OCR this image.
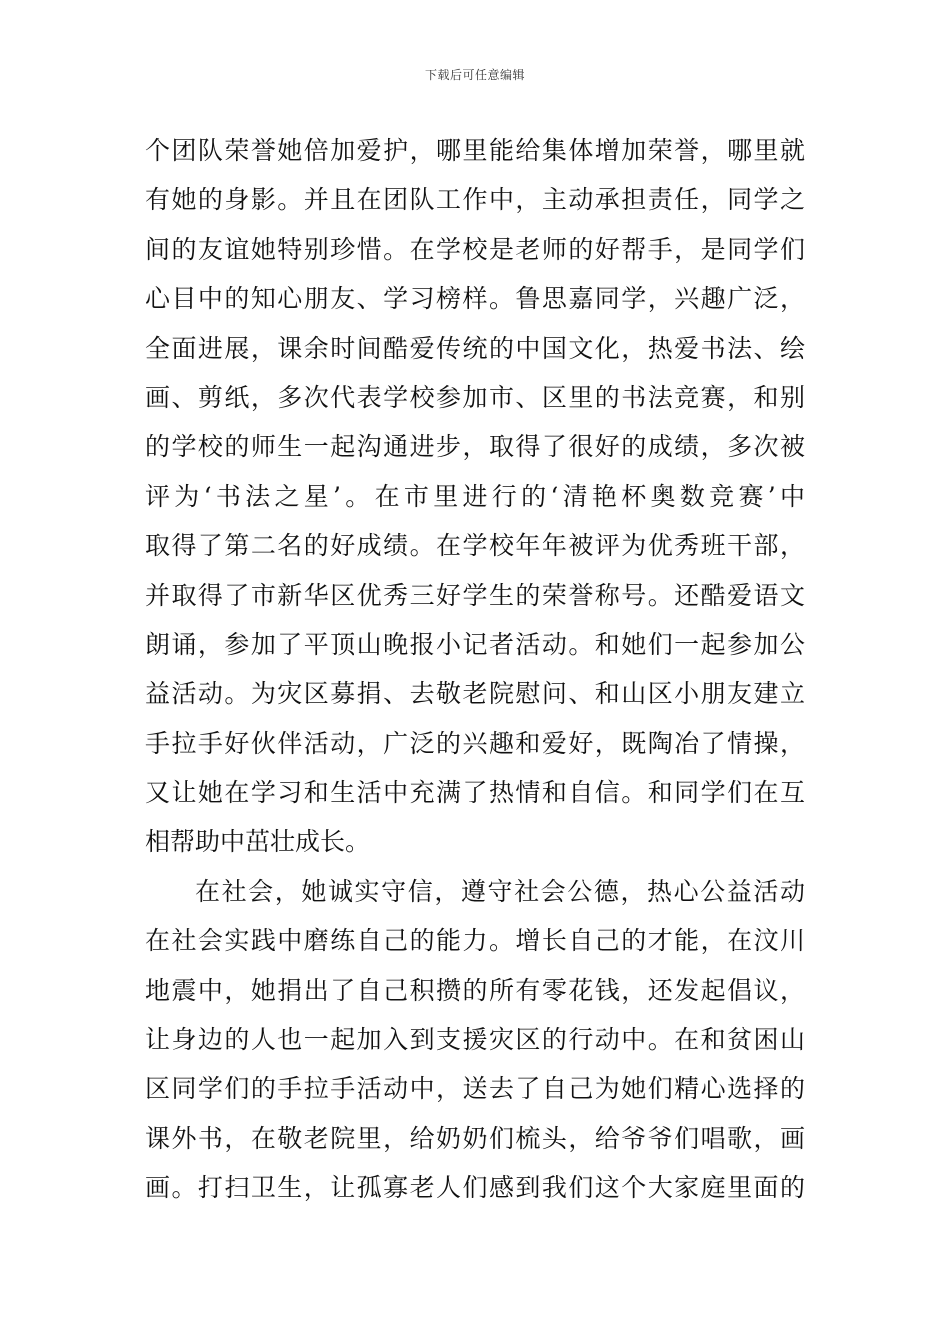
下载后可任意编辑
个团队荣誉她倍加爱护，哪里能给集体增加荣誉，哪里就
有她的身影。并且在团队工作中，主动承担责任，同学之
间的友谊她特别珍惜。在学校是老师的好帮手，是同学们
心目中的知心朋友、学习榜样。鲁思嘉同学，兴趣广泛，
全面进展，课余时间酷爱传统的中国文化，热爱书法、绘
画、剪纸，多次代表学校参加市、区里的书法竞赛，和别
的学校的师生一起沟通进步，取得了很好的成绩，多次被
评为‘书法之星’。在市里进行的‘清艳杯奥数竞赛’中
取得了第二名的好成绩。在学校年年被评为优秀班干部，
并取得了市新华区优秀三好学生的荣誉称号。还酷爱语文
朗诵，参加了平顶山晚报小记者活动。和她们一起参加公
益活动。为灾区募捐、去敬老院慰问、和山区小朋友建立
手拉手好伙伴活动，广泛的兴趣和爱好，既陶冶了情操，
又让她在学习和生活中充满了热情和自信。和同学们在互
相帮助中茁壮成长。
在社会，她诚实守信，遵守社会公德，热心公益活动
在社会实践中磨练自己的能力。增长自己的才能，在汶川
地震中，她捐出了自己积攒的所有零花钱，还发起倡议，
让身边的人也一起加入到支援灾区的行动中。在和贫困山
区同学们的手拉手活动中，送去了自己为她们精心选择的
课外书，在敬老院里，给奶奶们梳头，给爷爷们唱歌，画
画。打扫卫生，让孤寡老人们感到我们这个大家庭里面的
